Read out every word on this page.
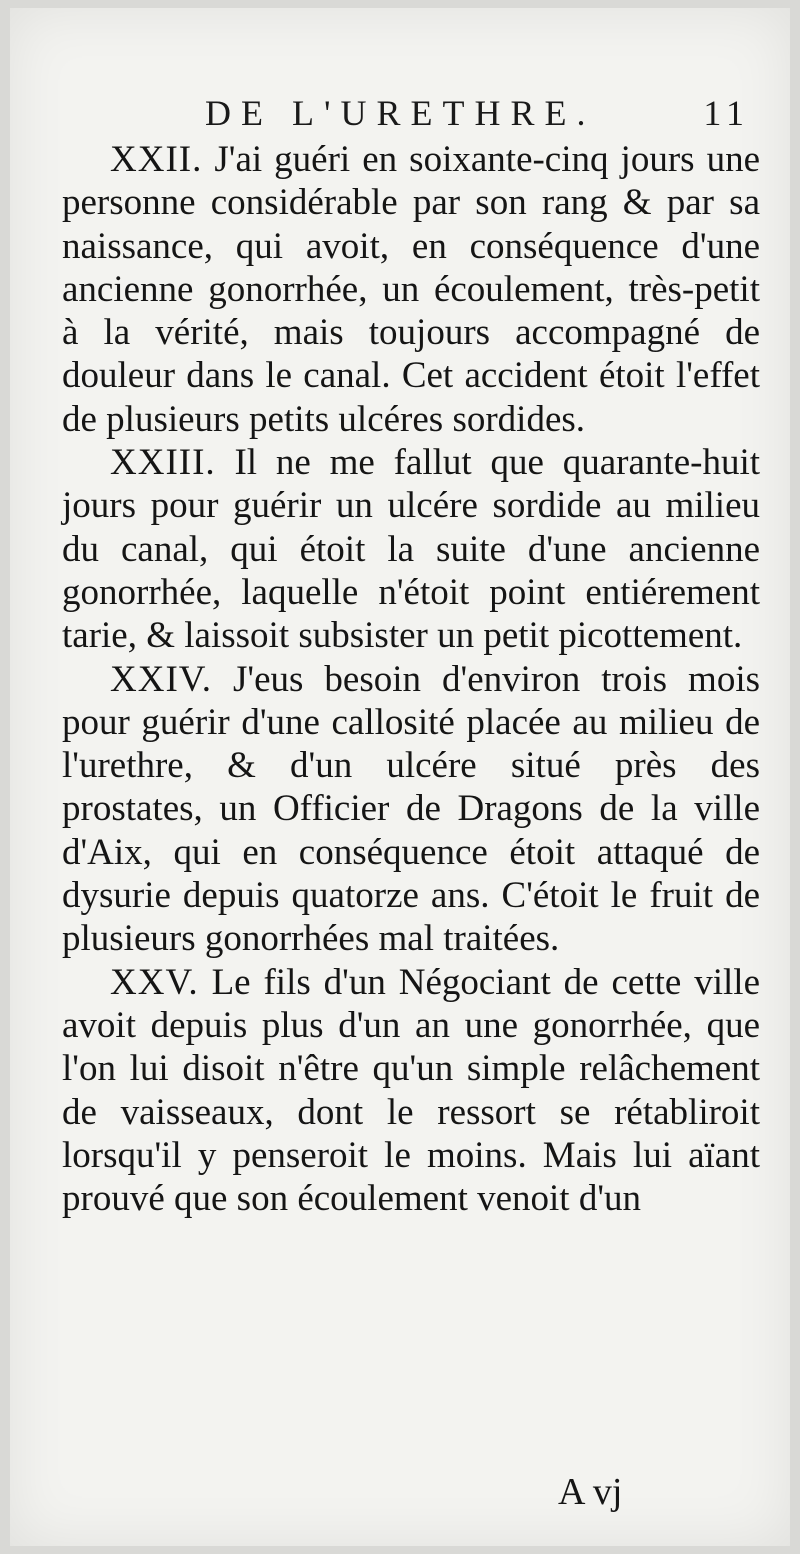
DE L'URETHRE.	11

XXII. J'ai guéri en soixante-cinq jours une personne considérable par son rang & par sa naissance, qui avoit, en conséquence d'une ancienne gonorrhée, un écoulement, très-petit à la vérité, mais toujours accompagné de douleur dans le canal. Cet accident étoit l'effet de plusieurs petits ulcéres sordides.

XXIII. Il ne me fallut que quarante-huit jours pour guérir un ulcére sordide au milieu du canal, qui étoit la suite d'une ancienne gonorrhée, laquelle n'étoit point entiérement tarie, & laissoit subsister un petit picottement.

XXIV. J'eus besoin d'environ trois mois pour guérir d'une callosité placée au milieu de l'urethre, & d'un ulcére situé près des prostates, un Officier de Dragons de la ville d'Aix, qui en conséquence étoit attaqué de dysurie depuis quatorze ans. C'étoit le fruit de plusieurs gonorrhées mal traitées.

XXV. Le fils d'un Négociant de cette ville avoit depuis plus d'un an une gonorrhée, que l'on lui disoit n'être qu'un simple relâchement de vaisseaux, dont le ressort se rétabliroit lorsqu'il y penseroit le moins. Mais lui aïant prouvé que son écoulement venoit d'un

A vj
